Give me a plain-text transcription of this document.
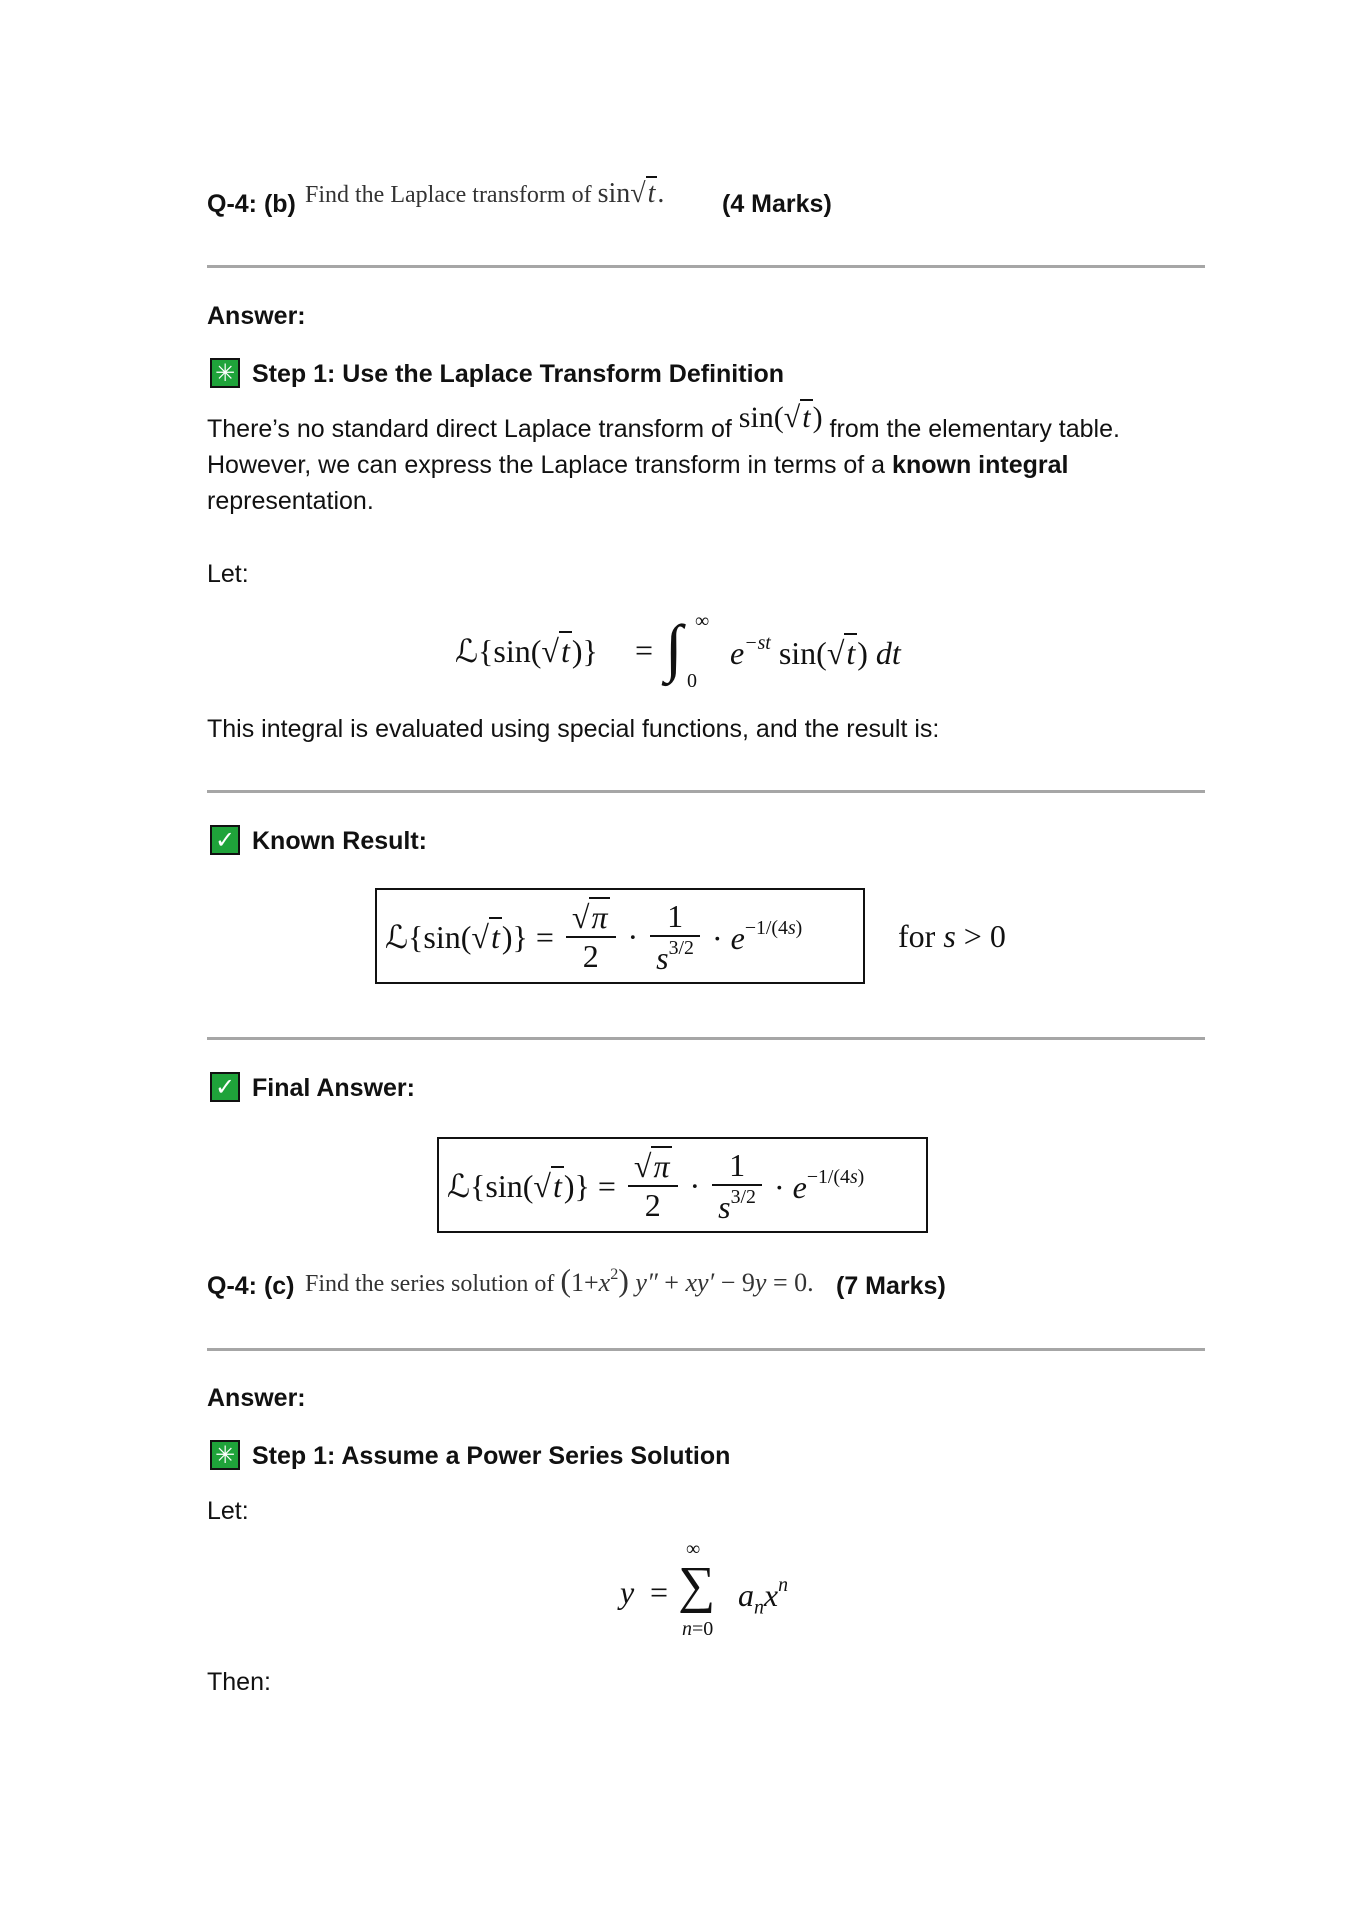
Q-4: (b) Find the Laplace transform of sin√t. (4 Marks)
Answer:
✳ Step 1: Use the Laplace Transform Definition
There’s no standard direct Laplace transform of sin(√t) from the elementary table.
However, we can express the Laplace transform in terms of a known integral
representation.
Let:
ℒ{sin(√t)} = ∫ ∞
0
$e^{-st}$ sin(√t) dt
This integral is evaluated using special functions, and the result is:
✓ Known Result:
ℒ{sin(√t)} = $\frac{√\pi}{2} \cdot \frac{1}{s^{3/2}} \cdot e^{-1/(4s)}$	for s > 0
✓ Final Answer:
ℒ{sin(√t)} = $\frac{√\pi}{2} \cdot \frac{1}{s^{3/2}} \cdot e^{-1/(4s)}$
Q-4: (c) Find the series solution of $(1+x^2) y'' + xy' - 9y = 0$. (7 Marks)
Answer:
✳ Step 1: Assume a Power Series Solution
Let:
y = ∑
∞
n=0
$a_nx^n$
Then:
